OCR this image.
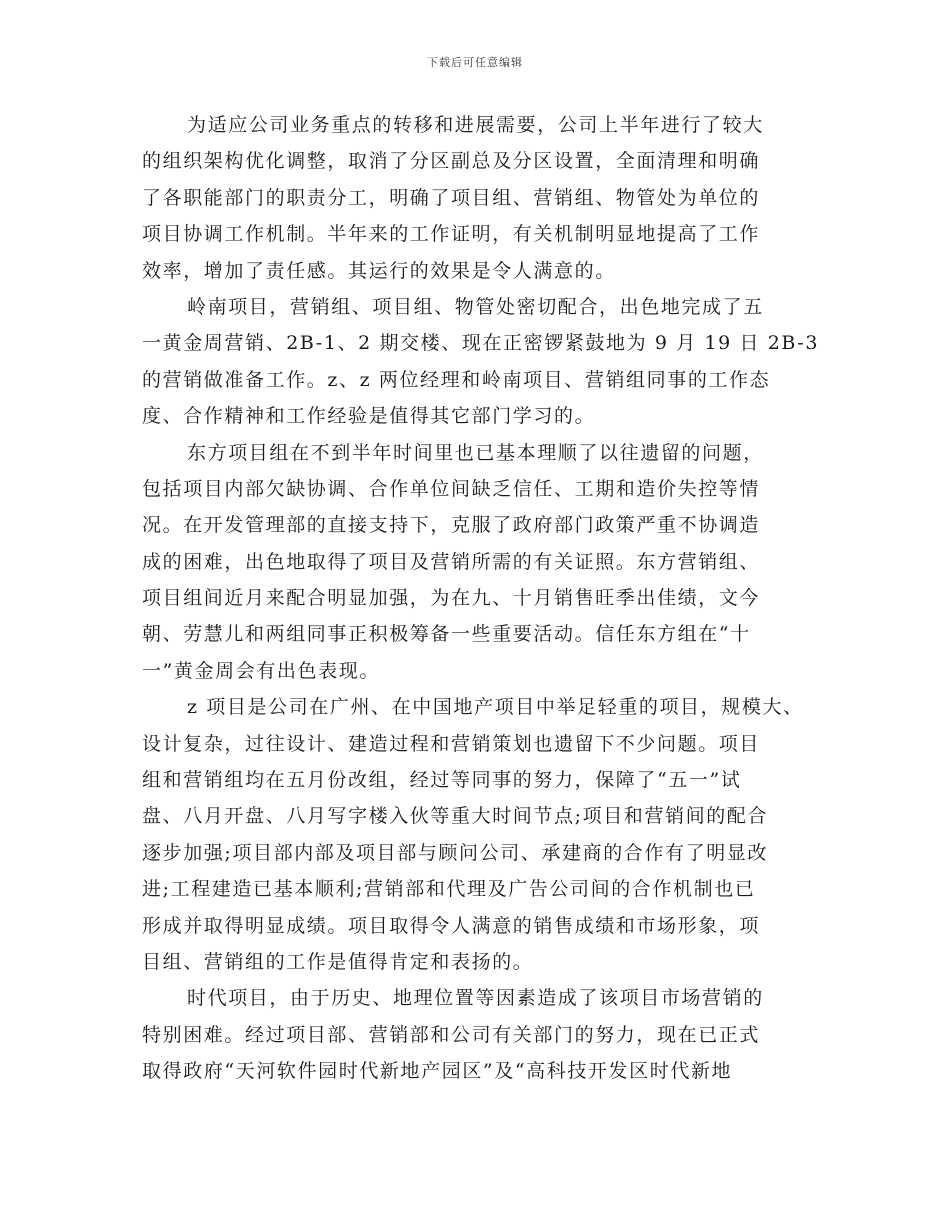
下载后可任意编辑

为适应公司业务重点的转移和进展需要，公司上半年进行了较大
的组织架构优化调整，取消了分区副总及分区设置，全面清理和明确
了各职能部门的职责分工，明确了项目组、营销组、物管处为单位的
项目协调工作机制。半年来的工作证明，有关机制明显地提高了工作
效率，增加了责任感。其运行的效果是令人满意的。

岭南项目，营销组、项目组、物管处密切配合，出色地完成了五
一黄金周营销、2B-1、2 期交楼、现在正密锣紧鼓地为 9 月 19 日 2B-3
的营销做准备工作。z、z 两位经理和岭南项目、营销组同事的工作态
度、合作精神和工作经验是值得其它部门学习的。

东方项目组在不到半年时间里也已基本理顺了以往遗留的问题，
包括项目内部欠缺协调、合作单位间缺乏信任、工期和造价失控等情
况。在开发管理部的直接支持下，克服了政府部门政策严重不协调造
成的困难，出色地取得了项目及营销所需的有关证照。东方营销组、
项目组间近月来配合明显加强，为在九、十月销售旺季出佳绩，文今
朝、劳慧儿和两组同事正积极筹备一些重要活动。信任东方组在“十
一”黄金周会有出色表现。

z 项目是公司在广州、在中国地产项目中举足轻重的项目，规模大、
设计复杂，过往设计、建造过程和营销策划也遗留下不少问题。项目
组和营销组均在五月份改组，经过等同事的努力，保障了“五一”试
盘、八月开盘、八月写字楼入伙等重大时间节点;项目和营销间的配合
逐步加强;项目部内部及项目部与顾问公司、承建商的合作有了明显改
进;工程建造已基本顺利;营销部和代理及广告公司间的合作机制也已
形成并取得明显成绩。项目取得令人满意的销售成绩和市场形象，项
目组、营销组的工作是值得肯定和表扬的。

时代项目，由于历史、地理位置等因素造成了该项目市场营销的
特别困难。经过项目部、营销部和公司有关部门的努力，现在已正式
取得政府“天河软件园时代新地产园区”及“高科技开发区时代新地
